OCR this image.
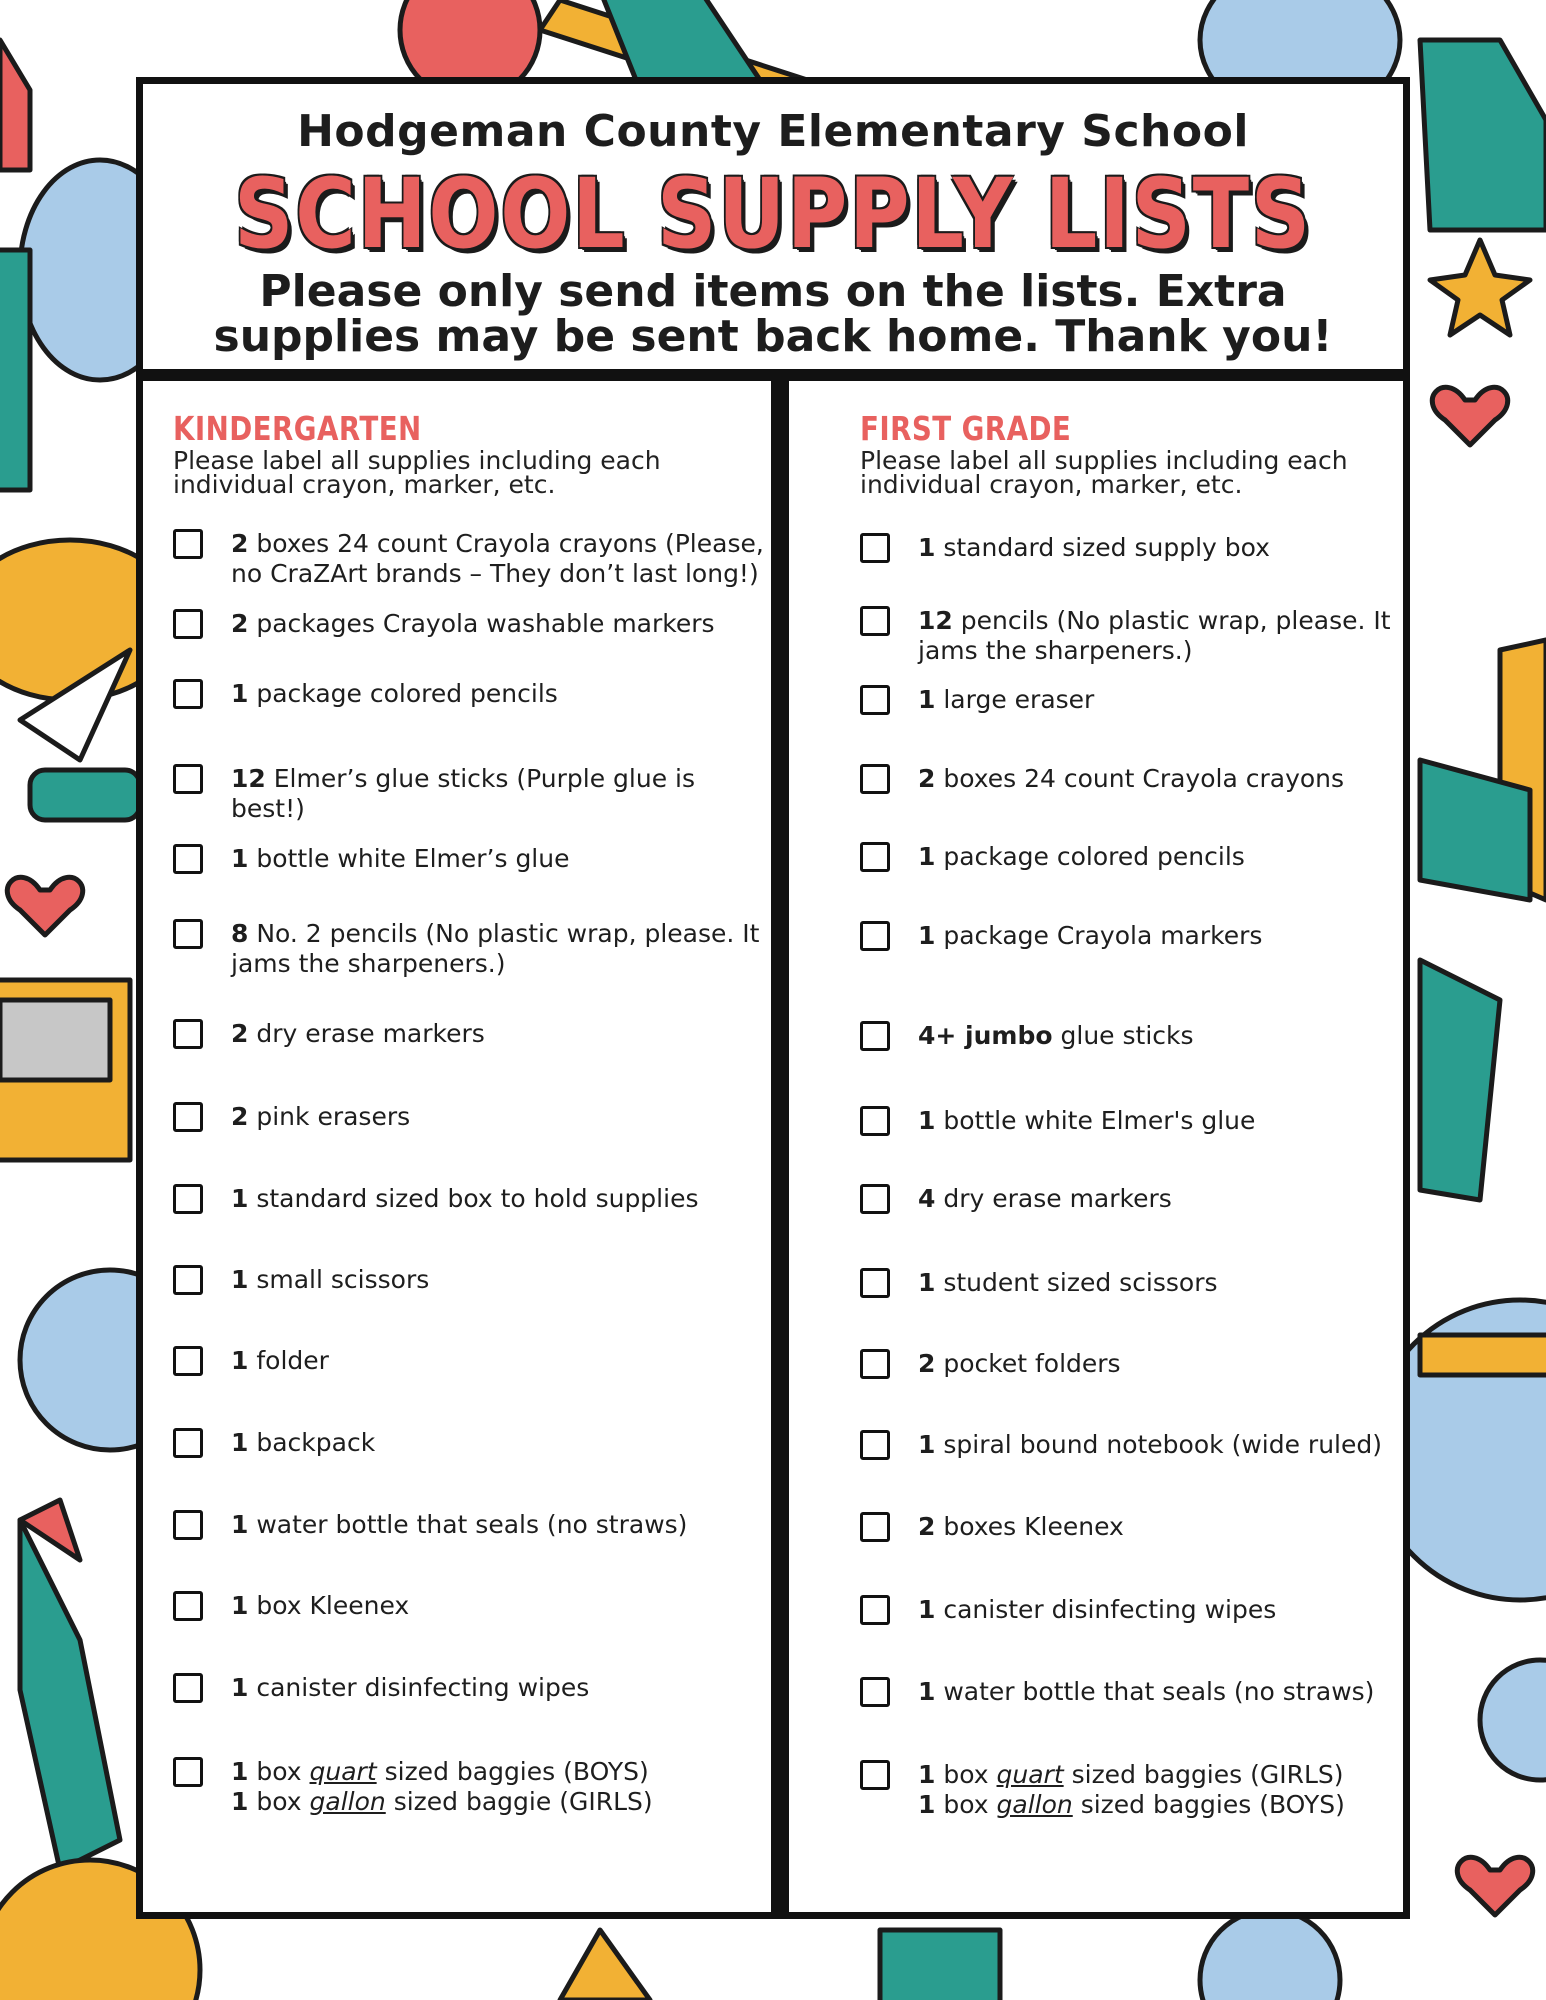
Hodgeman County Elementary School
SCHOOL SUPPLY LISTS
Please only send items on the lists. Extra
supplies may be sent back home. Thank you!
KINDERGARTEN
Please label all supplies including each
individual crayon, marker, etc.
2 boxes 24 count Crayola crayons (Please,
no CraZArt brands – They don’t last long!)
2 packages Crayola washable markers
1 package colored pencils
12 Elmer’s glue sticks (Purple glue is best!)
1 bottle white Elmer’s glue
8 No. 2 pencils (No plastic wrap, please. It
jams the sharpeners.)
2 dry erase markers
2 pink erasers
1 standard sized box to hold supplies
1 small scissors
1 folder
1 backpack
1 water bottle that seals (no straws)
1 box Kleenex
1 canister disinfecting wipes
1 box quart sized baggies (BOYS)
1 box gallon sized baggie (GIRLS)
FIRST GRADE
Please label all supplies including each
individual crayon, marker, etc.
1 standard sized supply box
12 pencils (No plastic wrap, please. It
jams the sharpeners.)
1 large eraser
2 boxes 24 count Crayola crayons
1 package colored pencils
1 package Crayola markers
4+ jumbo glue sticks
1 bottle white Elmer's glue
4 dry erase markers
1 student sized scissors
2 pocket folders
1 spiral bound notebook (wide ruled)
2 boxes Kleenex
1 canister disinfecting wipes
1 water bottle that seals (no straws)
1 box quart sized baggies (GIRLS)
1 box gallon sized baggies (BOYS)
